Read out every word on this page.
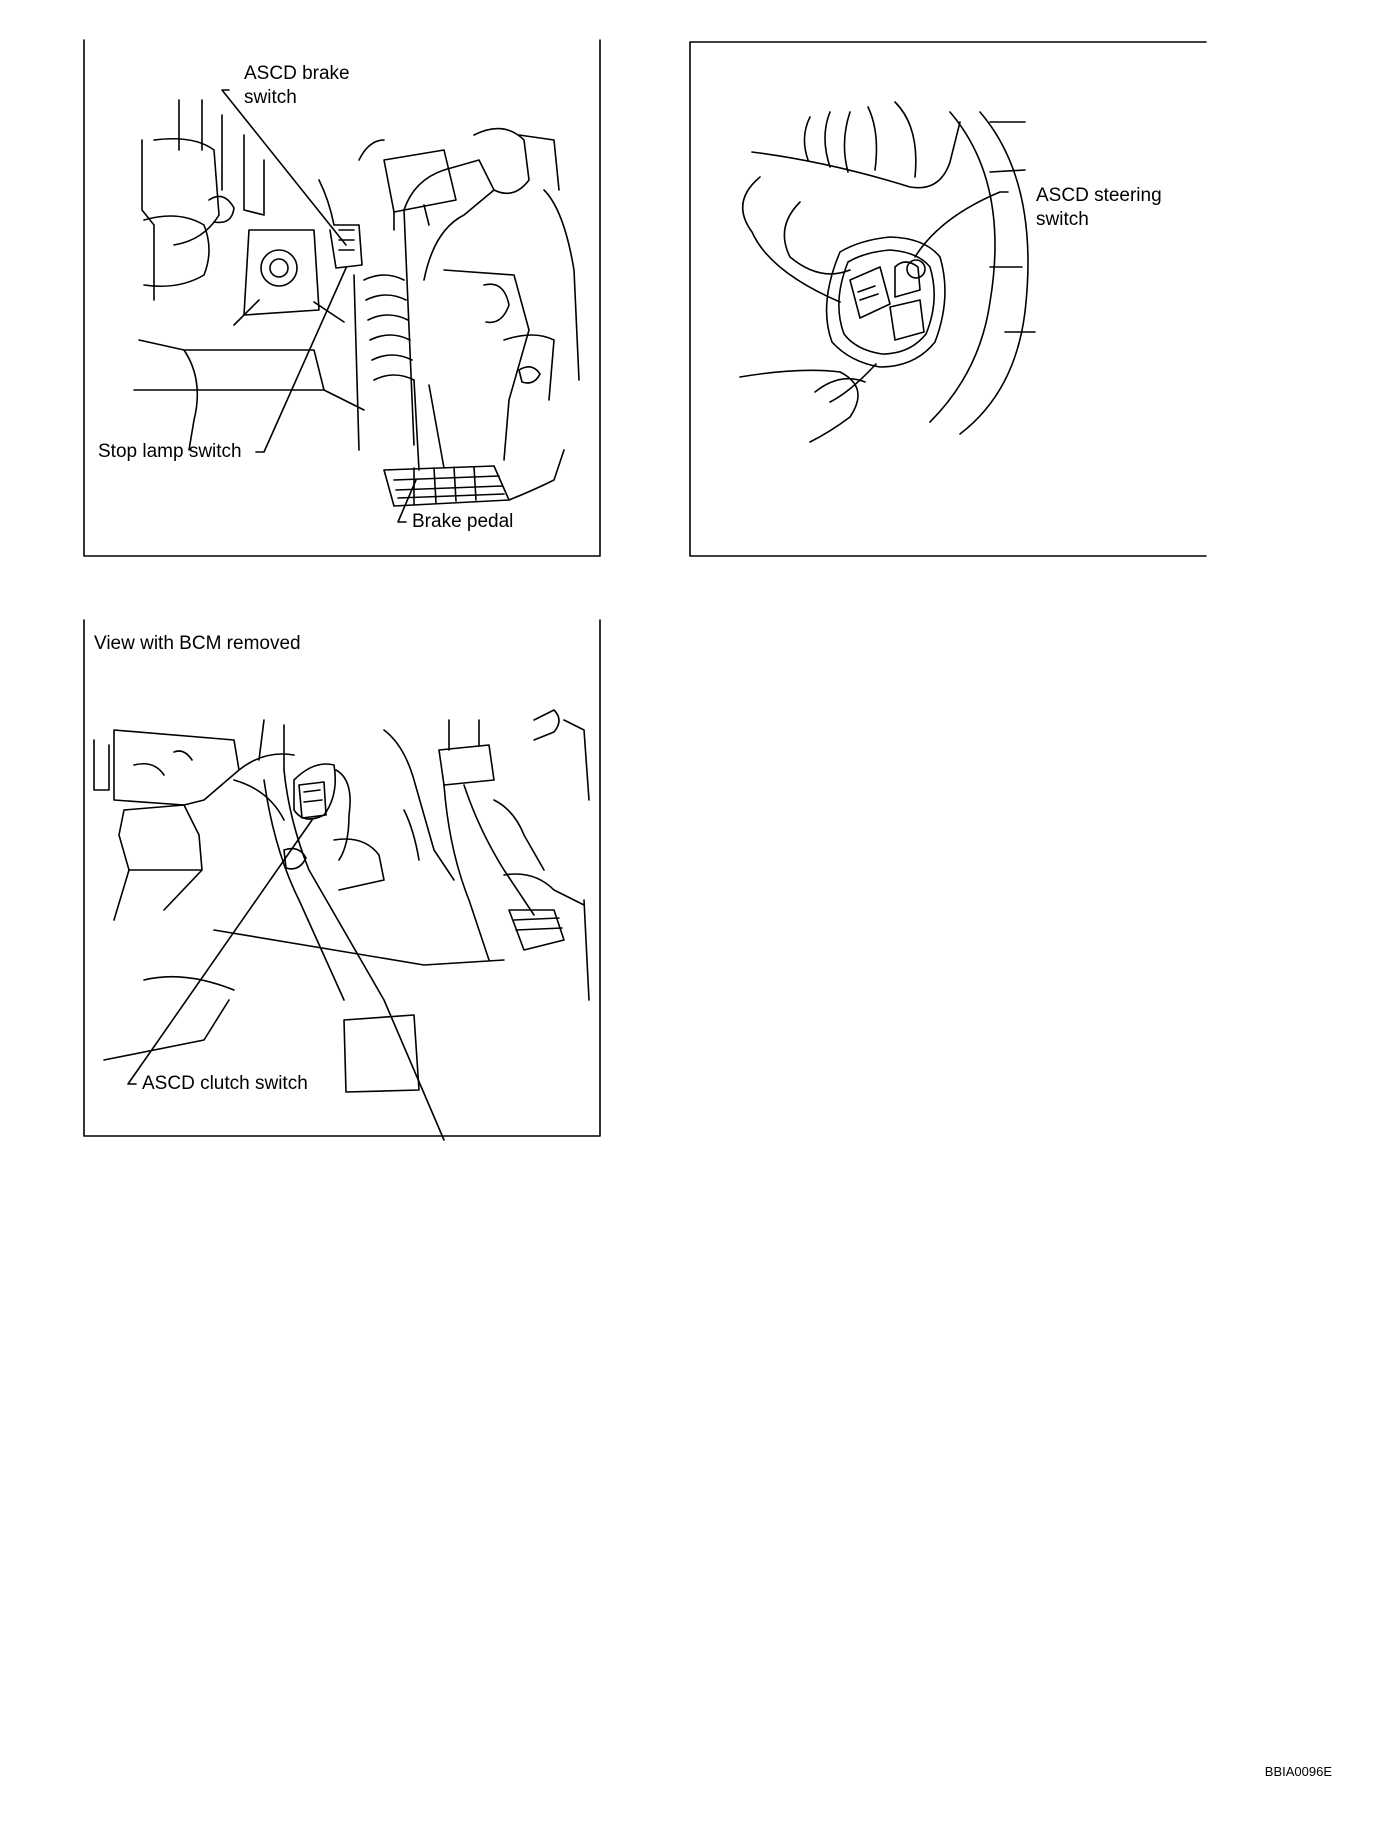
ASCD brake
switch
Stop lamp switch
Brake pedal
ASCD steering
switch
View with BCM removed
ASCD clutch switch
BBIA0096E
